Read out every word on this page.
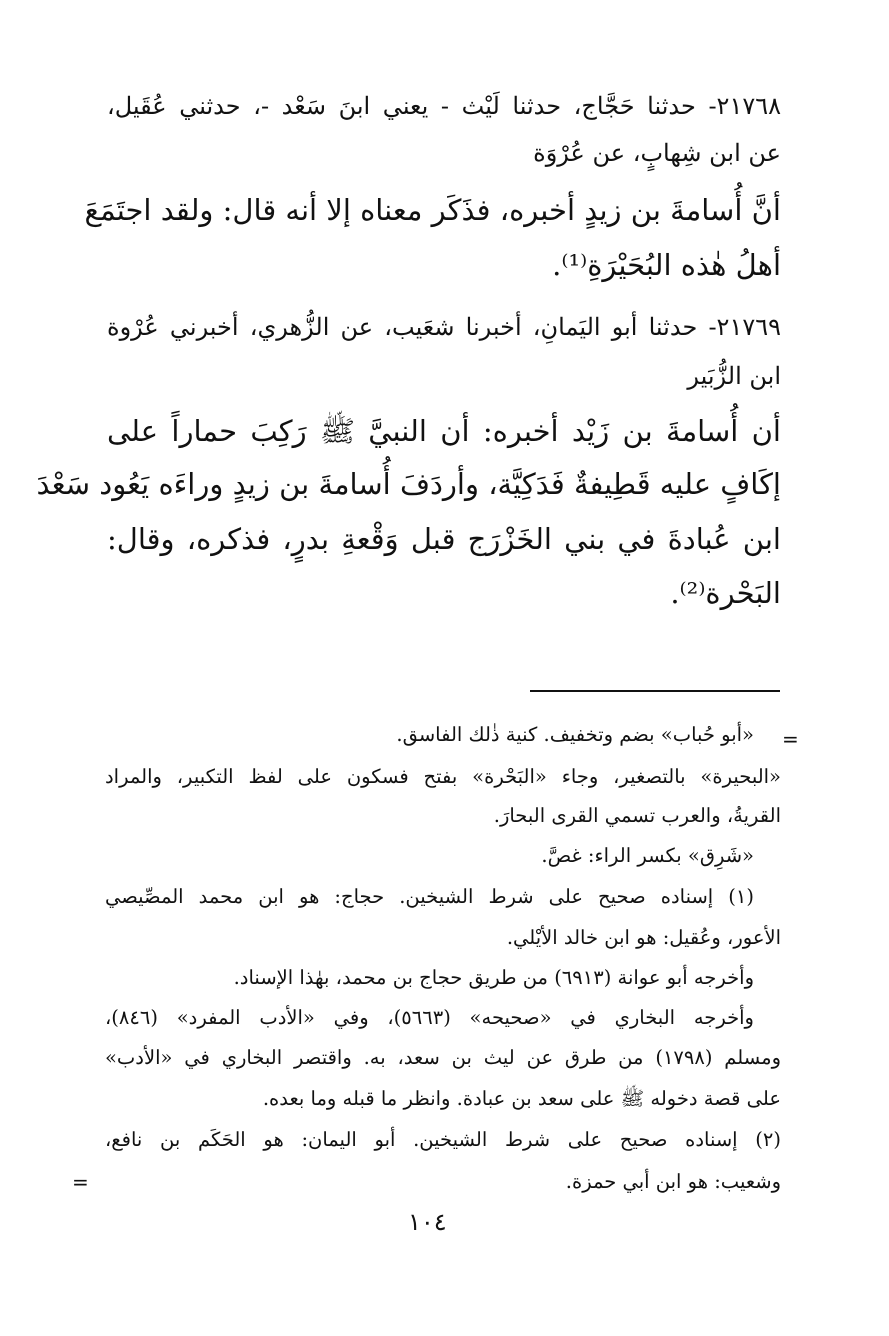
٢١٧٦٨- حدثنا حَجَّاج، حدثنا لَيْث - يعني ابنَ سَعْد -، حدثني عُقَيل،
عن ابن شِهابٍ، عن عُرْوَة
أنَّ أُسامةَ بن زيدٍ أخبره، فذَكَر معناه إلا أنه قال: ولقد اجتَمَعَ
أهلُ هٰذه البُحَيْرَةِ⁽¹⁾.
٢١٧٦٩- حدثنا أبو اليَمانِ، أخبرنا شعَيب، عن الزُّهري، أخبرني عُرْوة
ابن الزُّبَير
أن أُسامةَ بن زَيْد أخبره: أن النبيَّ ﷺ رَكِبَ حماراً على
إكَافٍ عليه قَطِيفةٌ فَدَكِيَّة، وأردَفَ أُسامةَ بن زيدٍ وراءَه يَعُود سَعْدَ
ابن عُبادةَ في بني الخَزْرَج قبل وَقْعةِ بدرٍ، فذكره، وقال:
البَحْرة⁽²⁾.
=
«أبو حُباب» بضم وتخفيف. كنية ذٰلك الفاسق.
«البحيرة» بالتصغير، وجاء «البَحْرة» بفتح فسكون على لفظ التكبير، والمراد
القريةُ، والعرب تسمي القرى البحارَ.
«شَرِق» بكسر الراء: غصَّ.
(١) إسناده صحيح على شرط الشيخين. حجاج: هو ابن محمد المصِّيصي
الأعور، وعُقيل: هو ابن خالد الأيْلي.
وأخرجه أبو عوانة (٦٩١٣) من طريق حجاج بن محمد، بهٰذا الإسناد.
وأخرجه البخاري في «صحيحه» (٥٦٦٣)، وفي «الأدب المفرد» (٨٤٦)،
ومسلم (١٧٩٨) من طرق عن ليث بن سعد، به. واقتصر البخاري في «الأدب»
على قصة دخوله ﷺ على سعد بن عبادة. وانظر ما قبله وما بعده.
(٢) إسناده صحيح على شرط الشيخين. أبو اليمان: هو الحَكَم بن نافع،
=	وشعيب: هو ابن أبي حمزة.
١٠٤
